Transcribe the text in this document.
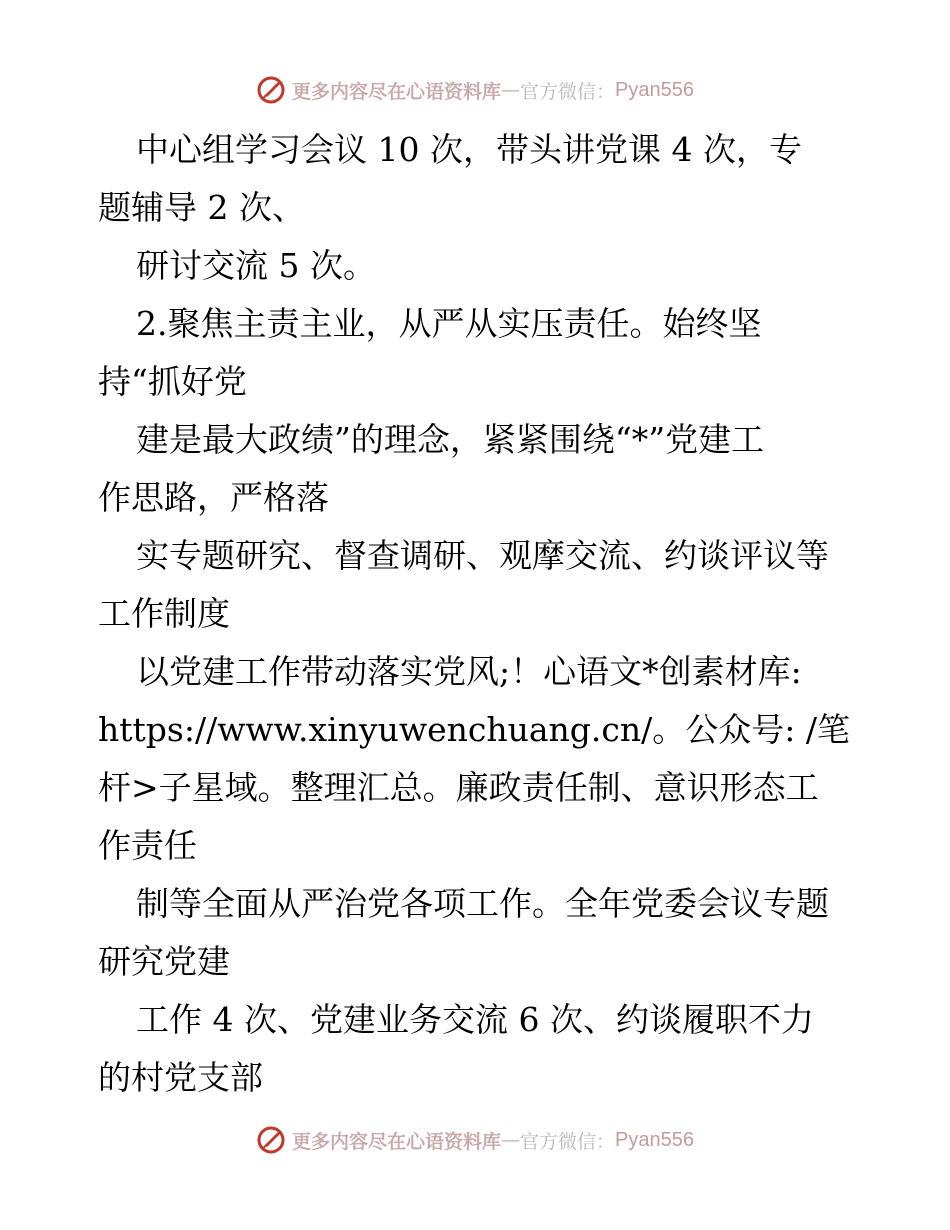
更多内容尽在心语资料库 — 官方微信： Pyan556
中心组学习会议 10 次，带头讲党课 4 次，专
题辅导 2 次、
研讨交流 5 次。
2.聚焦主责主业，从严从实压责任。始终坚
持“抓好党
建是最大政绩”的理念，紧紧围绕“*”党建工
作思路，严格落
实专题研究、督查调研、观摩交流、约谈评议等
工作制度
以党建工作带动落实党风;！心语文*创素材库:
https://www.xinyuwenchuang.cn/。公众号: /笔
杆>子星域。整理汇总。廉政责任制、意识形态工
作责任
制等全面从严治党各项工作。全年党委会议专题
研究党建
工作 4 次、党建业务交流 6 次、约谈履职不力
的村党支部
更多内容尽在心语资料库 — 官方微信： Pyan556
